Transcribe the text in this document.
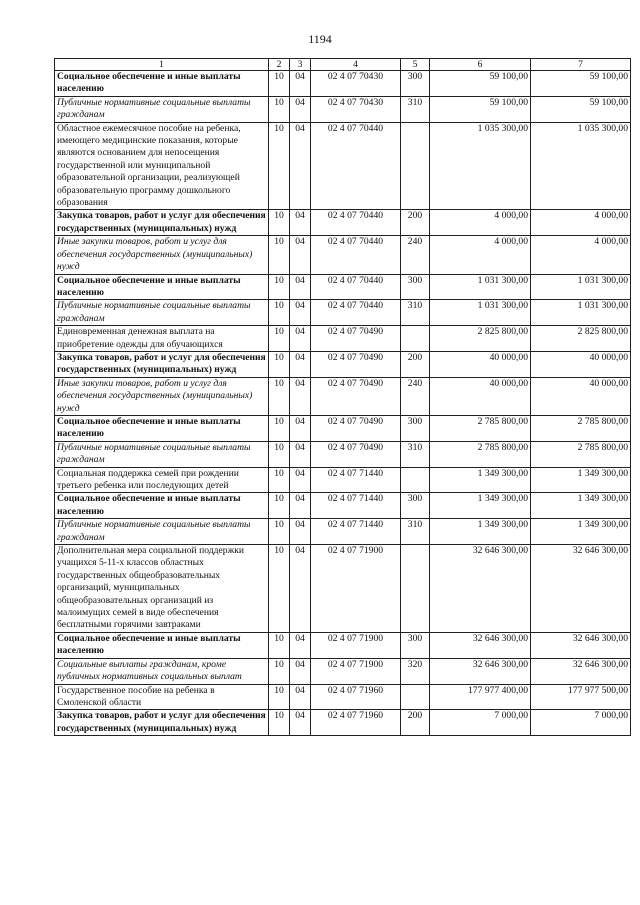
1194
1	2	3	4	5	6	7
Социальное обеспечение и иные выплаты населению	10	04	02 4 07 70430	300	59 100,00	59 100,00
Публичные нормативные социальные выплаты гражданам	10	04	02 4 07 70430	310	59 100,00	59 100,00
Областное ежемесячное пособие на ребенка, имеющего медицинские показания, которые являются основанием для непосещения государственной или муниципальной образовательной организации, реализующей образовательную программу дошкольного образования	10	04	02 4 07 70440		1 035 300,00	1 035 300,00
Закупка товаров, работ и услуг для обеспечения государственных (муниципальных) нужд	10	04	02 4 07 70440	200	4 000,00	4 000,00
Иные закупки товаров, работ и услуг для обеспечения государственных (муниципальных) нужд	10	04	02 4 07 70440	240	4 000,00	4 000,00
Социальное обеспечение и иные выплаты населению	10	04	02 4 07 70440	300	1 031 300,00	1 031 300,00
Публичные нормативные социальные выплаты гражданам	10	04	02 4 07 70440	310	1 031 300,00	1 031 300,00
Единовременная денежная выплата на приобретение одежды для обучающихся	10	04	02 4 07 70490		2 825 800,00	2 825 800,00
Закупка товаров, работ и услуг для обеспечения государственных (муниципальных) нужд	10	04	02 4 07 70490	200	40 000,00	40 000,00
Иные закупки товаров, работ и услуг для обеспечения государственных (муниципальных) нужд	10	04	02 4 07 70490	240	40 000,00	40 000,00
Социальное обеспечение и иные выплаты населению	10	04	02 4 07 70490	300	2 785 800,00	2 785 800,00
Публичные нормативные социальные выплаты гражданам	10	04	02 4 07 70490	310	2 785 800,00	2 785 800,00
Социальная поддержка семей при рождении третьего ребенка или последующих детей	10	04	02 4 07 71440		1 349 300,00	1 349 300,00
Социальное обеспечение и иные выплаты населению	10	04	02 4 07 71440	300	1 349 300,00	1 349 300,00
Публичные нормативные социальные выплаты гражданам	10	04	02 4 07 71440	310	1 349 300,00	1 349 300,00
Дополнительная мера социальной поддержки учащихся 5-11-х классов областных государственных общеобразовательных организаций, муниципальных общеобразовательных организаций из малоимущих семей в виде обеспечения бесплатными горячими завтраками	10	04	02 4 07 71900		32 646 300,00	32 646 300,00
Социальное обеспечение и иные выплаты населению	10	04	02 4 07 71900	300	32 646 300,00	32 646 300,00
Социальные выплаты гражданам, кроме публичных нормативных социальных выплат	10	04	02 4 07 71900	320	32 646 300,00	32 646 300,00
Государственное пособие на ребенка в Смоленской области	10	04	02 4 07 71960		177 977 400,00	177 977 500,00
Закупка товаров, работ и услуг для обеспечения государственных (муниципальных) нужд	10	04	02 4 07 71960	200	7 000,00	7 000,00
